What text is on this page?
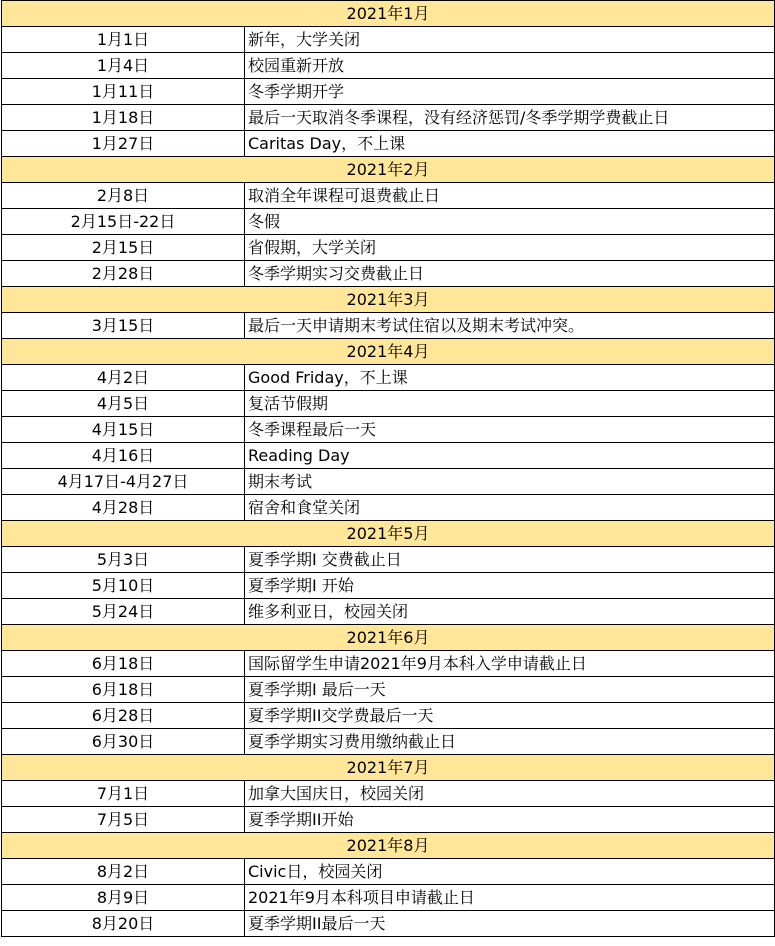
2021年1月	
1月1日	新年，大学关闭
1月4日	校园重新开放
1月11日	冬季学期开学
1月18日	最后一天取消冬季课程，没有经济惩罚/冬季学期学费截止日
1月27日	Caritas Day，不上课
2021年2月	
2月8日	取消全年课程可退费截止日
2月15日-22日	冬假
2月15日	省假期，大学关闭
2月28日	冬季学期实习交费截止日
2021年3月	
3月15日	最后一天申请期末考试住宿以及期末考试冲突。
2021年4月	
4月2日	Good Friday，不上课
4月5日	复活节假期
4月15日	冬季课程最后一天
4月16日	Reading Day
4月17日-4月27日	期末考试
4月28日	宿舍和食堂关闭
2021年5月	
5月3日	夏季学期I 交费截止日
5月10日	夏季学期I 开始
5月24日	维多利亚日，校园关闭
2021年6月	
6月18日	国际留学生申请2021年9月本科入学申请截止日
6月18日	夏季学期I 最后一天
6月28日	夏季学期II交学费最后一天
6月30日	夏季学期实习费用缴纳截止日
2021年7月	
7月1日	加拿大国庆日，校园关闭
7月5日	夏季学期II开始
2021年8月	
8月2日	Civic日，校园关闭
8月9日	2021年9月本科项目申请截止日
8月20日	夏季学期II最后一天
